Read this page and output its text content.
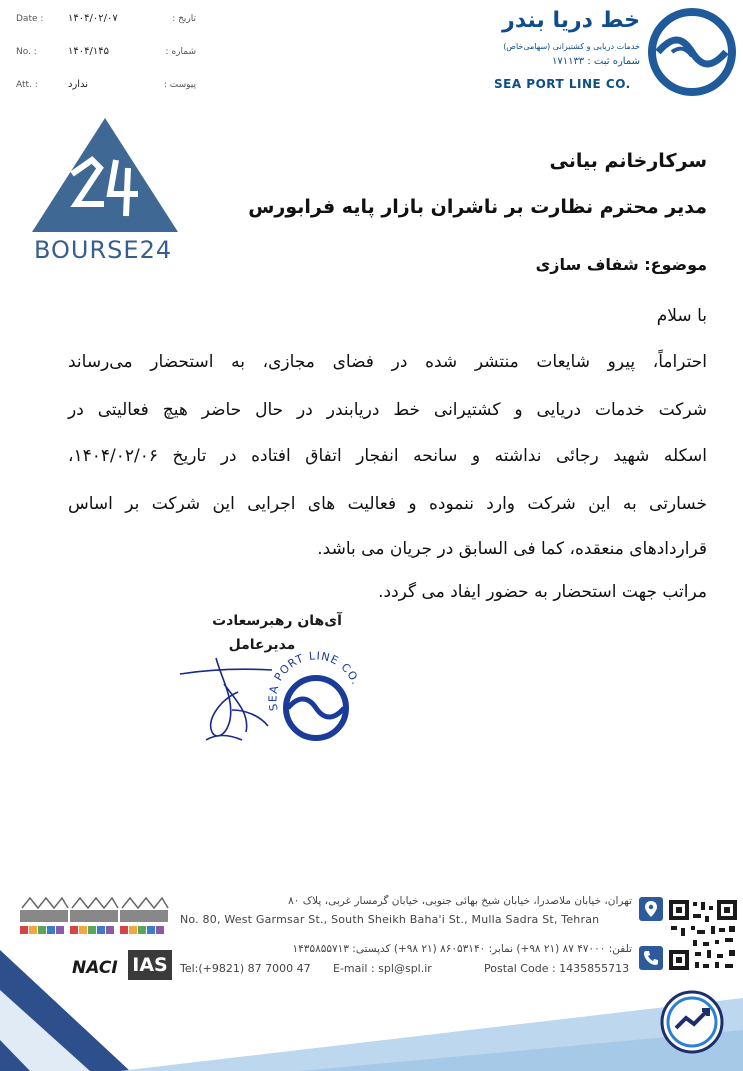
Date : ۱۴۰۴/۰۲/۰۷	تاریخ :
No. :	۱۴۰۴/۱۴۵	شماره :
Att. :	ندارد	پیوست :
خط دریا بندر
خدمات دریایی و کشتیرانی (سهامی‌خاص)
شماره ثبت : ۱۷۱۱۳۳
SEA PORT LINE CO.
BOURSE24
سرکارخانم بیانی
مدیر محترم نظارت بر ناشران بازار پایه فرابورس
موضوع: شفاف سازی
با سلام
احتراماً، پیرو شایعات منتشر شده در فضای مجازی، به استحضار می‌رساند
شرکت خدمات دریایی و کشتیرانی خط دریابندر در حال حاضر هیچ فعالیتی در
اسکله شهید رجائی نداشته و سانحه انفجار اتفاق افتاده در تاریخ ۱۴۰۴/۰۲/۰۶،
خسارتی به این شرکت وارد ننموده و فعالیت های اجرایی این شرکت بر اساس
قراردادهای منعقده، کما فی السابق در جریان می باشد.
مراتب جهت استحضار به حضور ایفاد می گردد.
آی‌هان رهبرسعادت
مدیرعامل
SEA PORT LINE CO.
NACI IAS
تهران، خیابان ملاصدرا، خیابان شیخ بهائی جنوبی، خیابان گرمسار غربی، پلاک ۸۰
No. 80, West Garmsar St., South Sheikh Baha'i St., Mulla Sadra St, Tehran
تلفن: ۴۷۰۰۰ ۸۷ (۲۱ ۹۸+) نمابر: ۸۶۰۵۳۱۴۰ (۲۱ ۹۸+) کدپستی: ۱۴۳۵۸۵۵۷۱۳
Tel:(+9821) 87 7000 47 E-mail : spl@spl.ir	Postal Code : 1435855713
